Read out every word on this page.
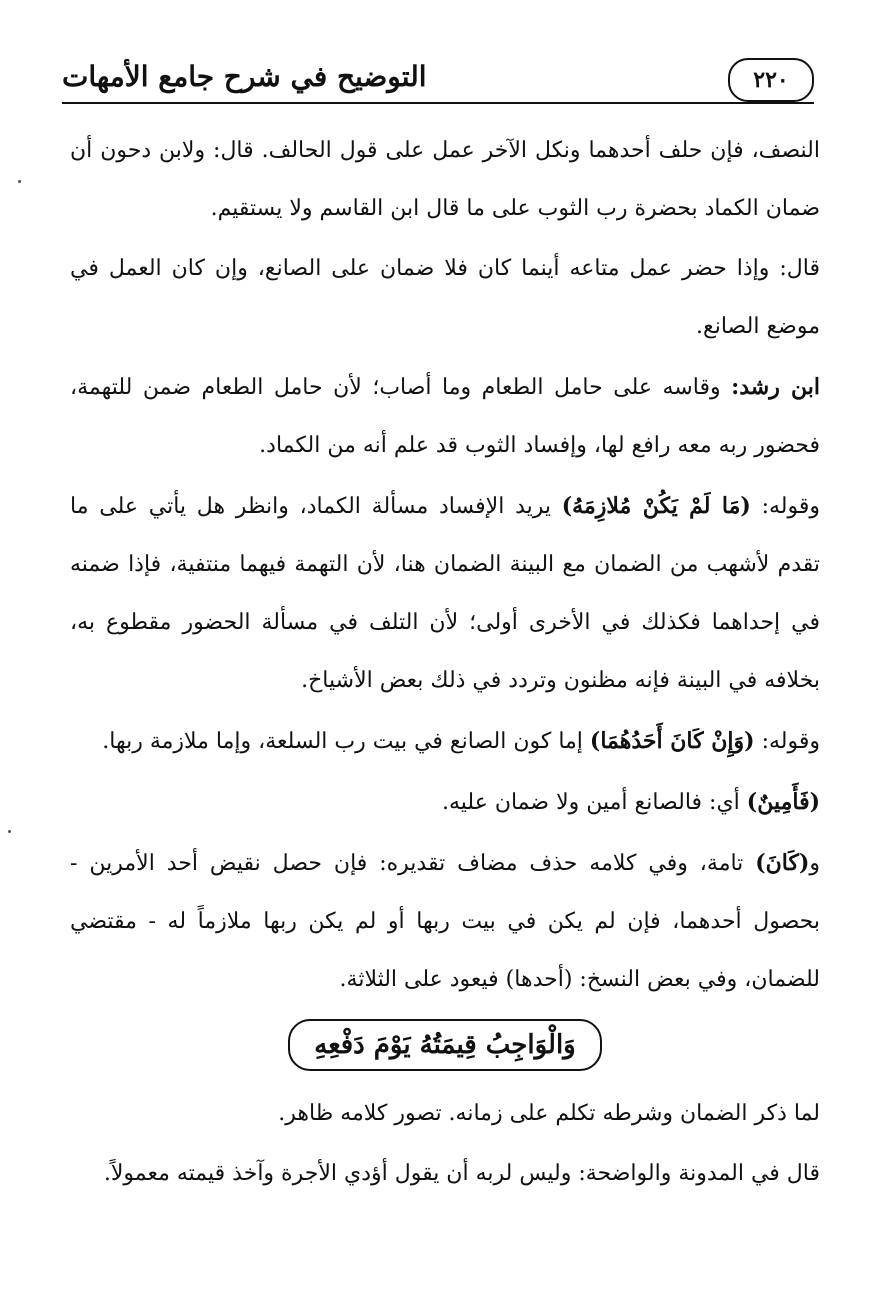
٢٢٠
التوضيح في شرح جامع الأمهات

النصف، فإن حلف أحدهما ونكل الآخر عمل على قول الحالف. قال: ولابن دحون أن ضمان الكماد بحضرة رب الثوب على ما قال ابن القاسم ولا يستقيم.

قال: وإذا حضر عمل متاعه أينما كان فلا ضمان على الصانع، وإن كان العمل في موضع الصانع.

ابن رشد: وقاسه على حامل الطعام وما أصاب؛ لأن حامل الطعام ضمن للتهمة، فحضور ربه معه رافع لها، وإفساد الثوب قد علم أنه من الكماد.

وقوله: (مَا لَمْ يَكُنْ مُلازِمَهُ) يريد الإفساد مسألة الكماد، وانظر هل يأتي على ما تقدم لأشهب من الضمان مع البينة الضمان هنا، لأن التهمة فيهما منتفية، فإذا ضمنه في إحداهما فكذلك في الأخرى أولى؛ لأن التلف في مسألة الحضور مقطوع به، بخلافه في البينة فإنه مظنون وتردد في ذلك بعض الأشياخ.

وقوله: (وَإِنْ كَانَ أَحَدُهُمَا) إما كون الصانع في بيت رب السلعة، وإما ملازمة ربها.

(فَأَمِينٌ) أي: فالصانع أمين ولا ضمان عليه.

و(كَانَ) تامة، وفي كلامه حذف مضاف تقديره: فإن حصل نقيض أحد الأمرين - بحصول أحدهما، فإن لم يكن في بيت ربها أو لم يكن ربها ملازماً له - مقتضي للضمان، وفي بعض النسخ: (أحدها) فيعود على الثلاثة.

وَالْوَاجِبُ قِيمَتُهُ يَوْمَ دَفْعِهِ

لما ذكر الضمان وشرطه تكلم على زمانه. تصور كلامه ظاهر.

قال في المدونة والواضحة: وليس لربه أن يقول أؤدي الأجرة وآخذ قيمته معمولاً.
